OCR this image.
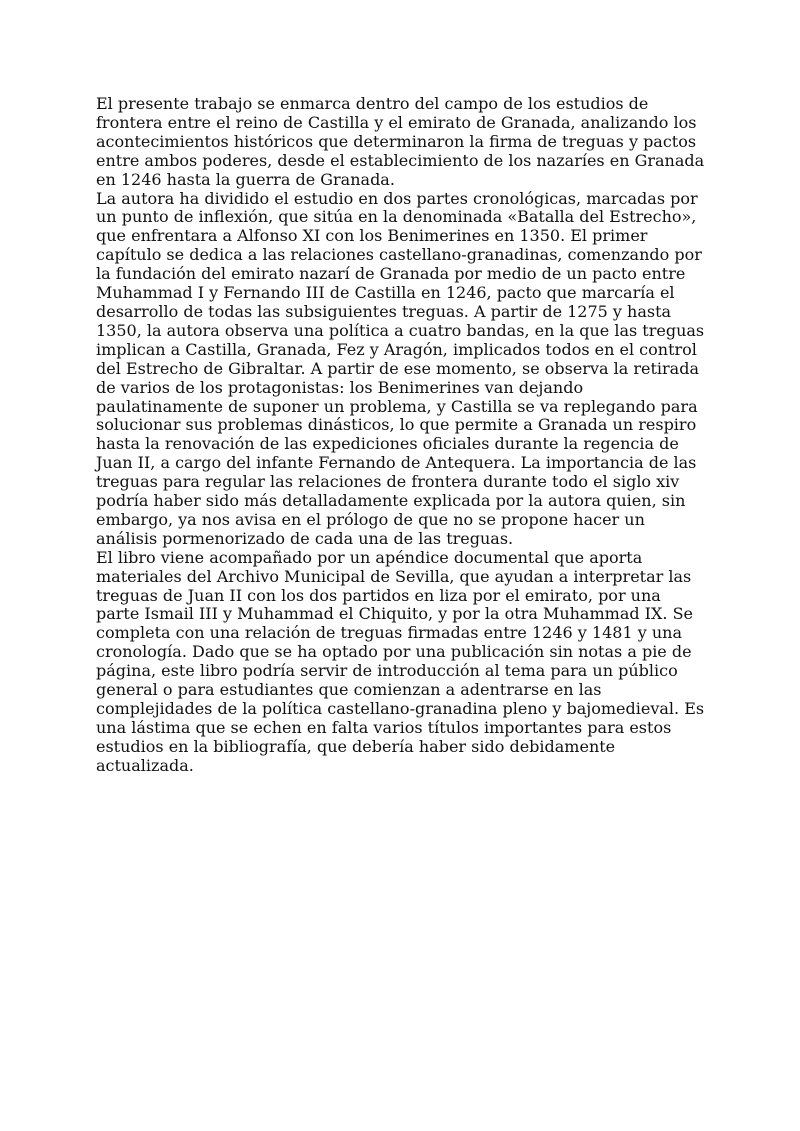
El presente trabajo se enmarca dentro del campo de los estudios de frontera entre el reino de Castilla y el emirato de Granada, analizando los acontecimientos históricos que determinaron la firma de treguas y pactos entre ambos poderes, desde el establecimiento de los nazaríes en Granada en 1246 hasta la guerra de Granada.

La autora ha dividido el estudio en dos partes cronológicas, marcadas por un punto de inflexión, que sitúa en la denominada «Batalla del Estrecho», que enfrentara a Alfonso XI con los Benimerines en 1350. El primer capítulo se dedica a las relaciones castellano-granadinas, comenzando por la fundación del emirato nazarí de Granada por medio de un pacto entre Muhammad I y Fernando III de Castilla en 1246, pacto que marcaría el desarrollo de todas las subsiguientes treguas. A partir de 1275 y hasta 1350, la autora observa una política a cuatro bandas, en la que las treguas implican a Castilla, Granada, Fez y Aragón, implicados todos en el control del Estrecho de Gibraltar. A partir de ese momento, se observa la retirada de varios de los protagonistas: los Benimerines van dejando paulatinamente de suponer un problema, y Castilla se va replegando para solucionar sus problemas dinásticos, lo que permite a Granada un respiro hasta la renovación de las expediciones oficiales durante la regencia de Juan II, a cargo del infante Fernando de Antequera. La importancia de las treguas para regular las relaciones de frontera durante todo el siglo xiv podría haber sido más detalladamente explicada por la autora quien, sin embargo, ya nos avisa en el prólogo de que no se propone hacer un análisis pormenorizado de cada una de las treguas.

El libro viene acompañado por un apéndice documental que aporta materiales del Archivo Municipal de Sevilla, que ayudan a interpretar las treguas de Juan II con los dos partidos en liza por el emirato, por una parte Ismail III y Muhammad el Chiquito, y por la otra Muhammad IX. Se completa con una relación de treguas firmadas entre 1246 y 1481 y una cronología. Dado que se ha optado por una publicación sin notas a pie de página, este libro podría servir de introducción al tema para un público general o para estudiantes que comienzan a adentrarse en las complejidades de la política castellano-granadina pleno y bajomedieval. Es una lástima que se echen en falta varios títulos importantes para estos estudios en la bibliografía, que debería haber sido debidamente actualizada.
